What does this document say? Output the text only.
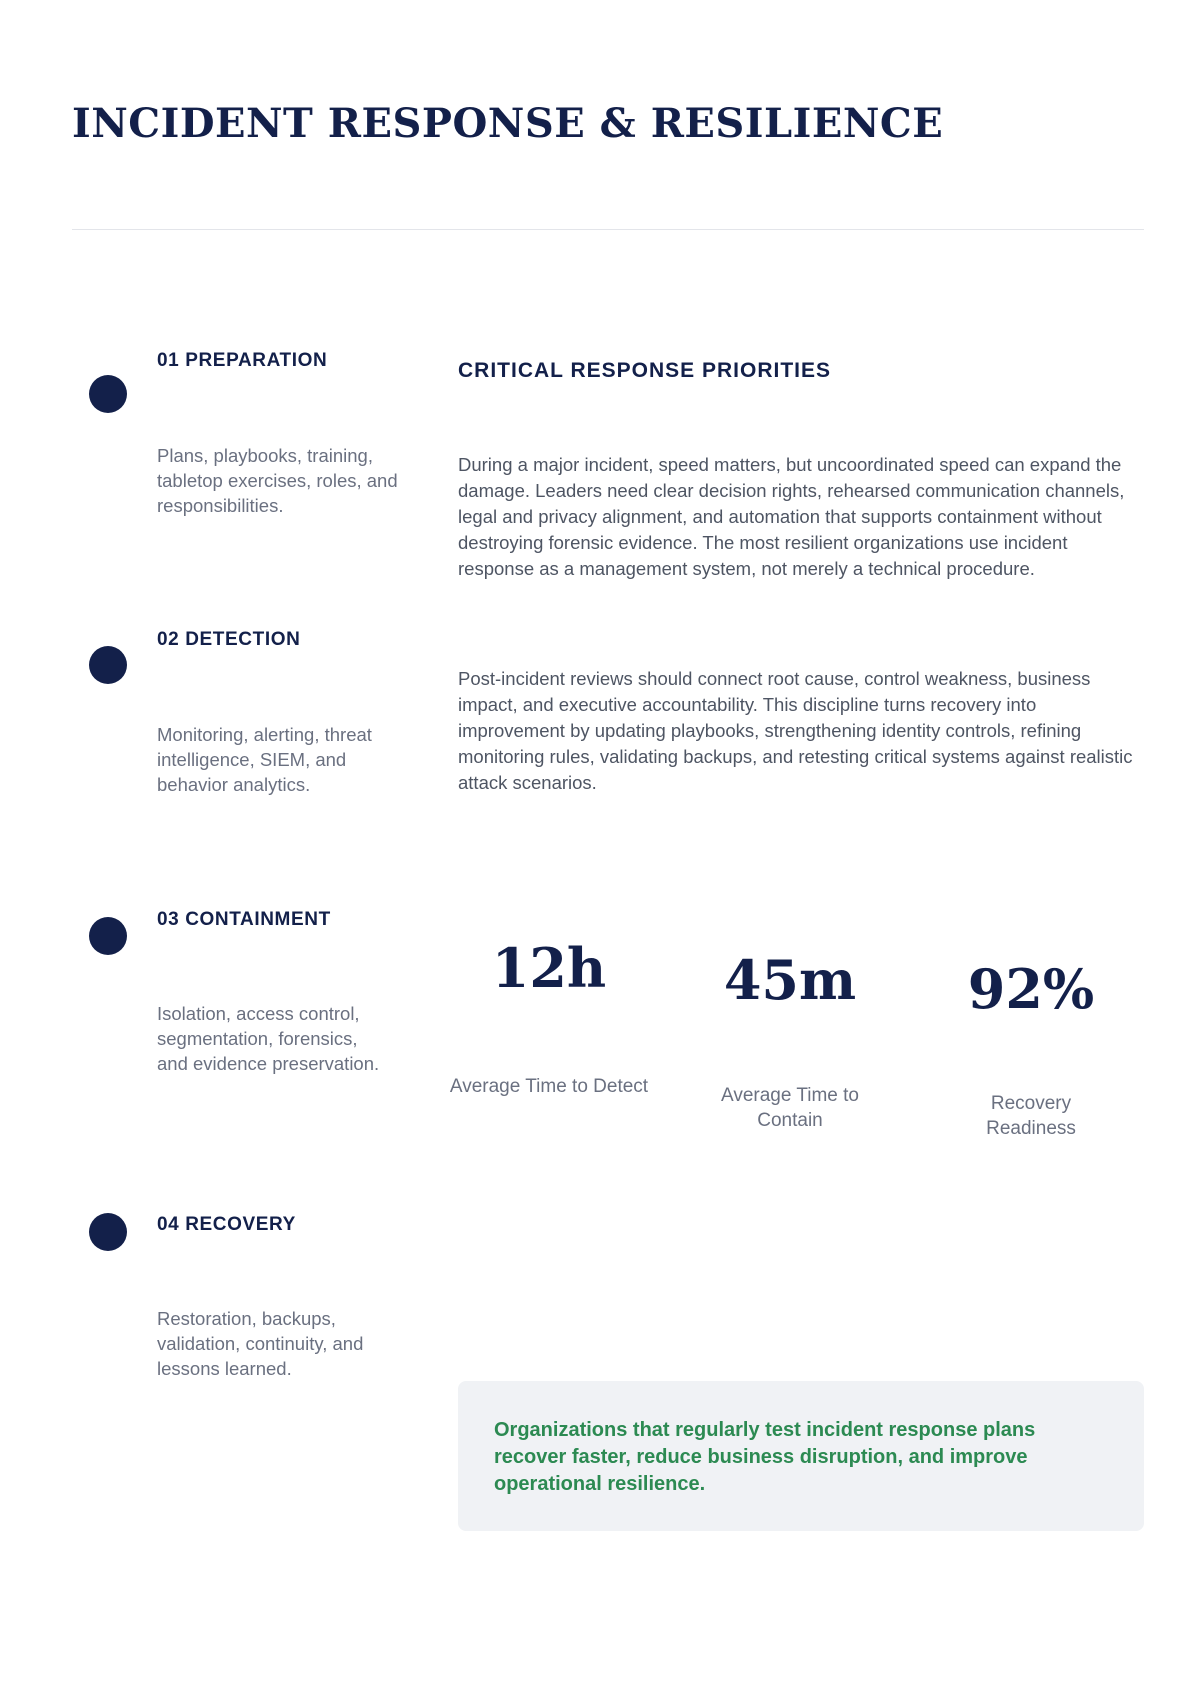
INCIDENT RESPONSE & RESILIENCE
01 PREPARATION

Plans, playbooks, training, tabletop exercises, roles, and responsibilities.

02 DETECTION

Monitoring, alerting, threat intelligence, SIEM, and behavior analytics.

03 CONTAINMENT

Isolation, access control, segmentation, forensics, and evidence preservation.

04 RECOVERY

Restoration, backups, validation, continuity, and lessons learned.

CRITICAL RESPONSE PRIORITIES

During a major incident, speed matters, but uncoordinated speed can expand the damage. Leaders need clear decision rights, rehearsed communication channels, legal and privacy alignment, and automation that supports containment without destroying forensic evidence. The most resilient organizations use incident response as a management system, not merely a technical procedure.

Post-incident reviews should connect root cause, control weakness, business impact, and executive accountability. This discipline turns recovery into improvement by updating playbooks, strengthening identity controls, refining monitoring rules, validating backups, and retesting critical systems against realistic attack scenarios.

12h
Average Time to Detect
45m
Average Time to Contain
92%
Recovery Readiness

Organizations that regularly test incident response plans recover faster, reduce business disruption, and improve operational resilience.
